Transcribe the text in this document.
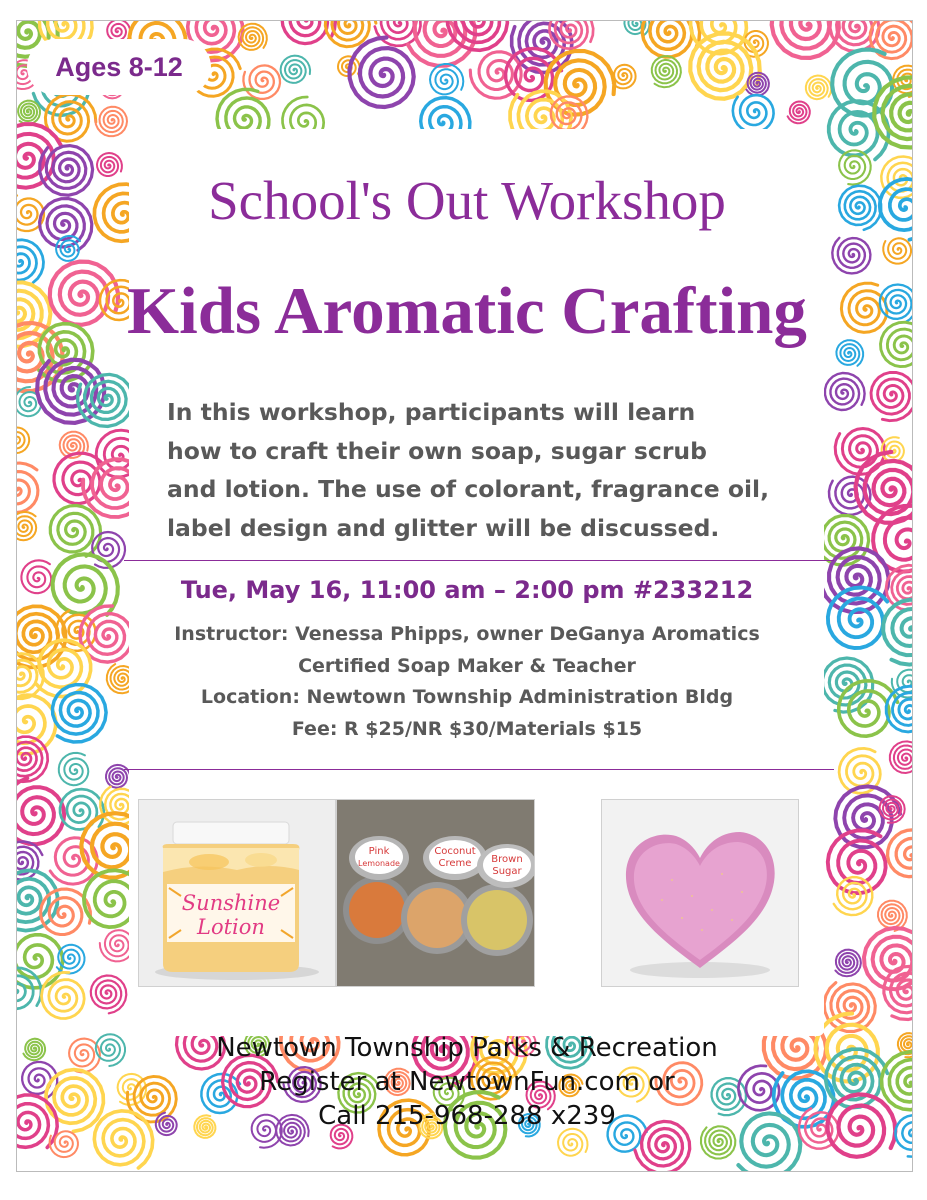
Ages 8-12
School's Out Workshop
Kids Aromatic Crafting
In this workshop, participants will learn
how to craft their own soap, sugar scrub
and lotion. The use of colorant, fragrance oil,
label design and glitter will be discussed.
Tue, May 16, 11:00 am – 2:00 pm #233212
Instructor: Venessa Phipps, owner DeGanya Aromatics
Certified Soap Maker & Teacher
Location: Newtown Township Administration Bldg
Fee: R $25/NR $30/Materials $15
Sunshine
Lotion
Pink
Lemonade
Coconut
Creme Brown
Sugar
Newtown Township Parks & Recreation
Register at NewtownFun.com or
Call 215-968-288 x239
